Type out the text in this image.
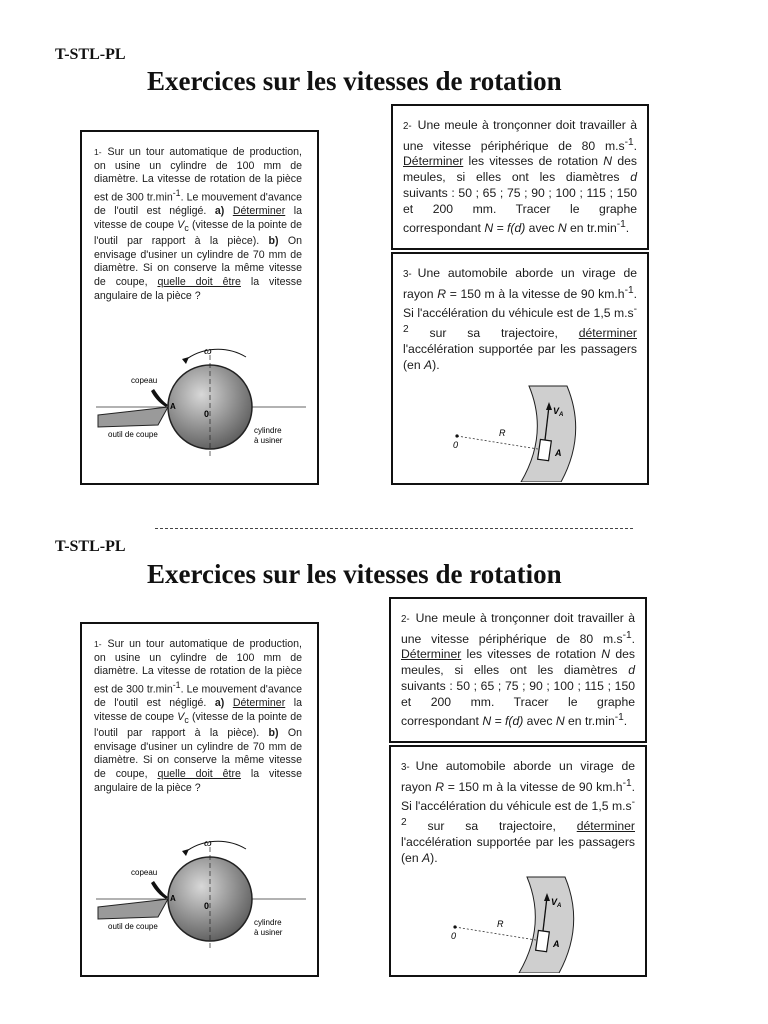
T-STL-PL
Exercices sur les vitesses de rotation
1- Sur un tour automatique de production, on usine un cylindre de 100 mm de diamètre. La vitesse de rotation de la pièce est de 300 $tr.\min^{-1}$. Le mouvement d'avance de l'outil est négligé. a) Déterminer la vitesse de coupe $V_c$ (vitesse de la pointe de l'outil par rapport à la pièce). b) On envisage d'usiner un cylindre de 70 mm de diamètre. Si on conserve la même vitesse de coupe, quelle doit être la vitesse angulaire de la pièce ?
ω
copeau
A
0
outil de coupe	cylindre
à usiner
2- Une meule à tronçonner doit travailler à une vitesse périphérique de 80 $m.s^{-1}$. Déterminer les vitesses de rotation N des meules, si elles ont les diamètres d suivants : 50 ; 65 ; 75 ; 90 ; 100 ; 115 ; 150 et 200 mm. Tracer le graphe correspondant N = f(d) avec N en $tr.\min^{-1}$.
3- Une automobile aborde un virage de rayon R = 150 m à la vitesse de 90 $km.h^{-1}$. Si l'accélération du véhicule est de 1,5 $m.s^{-2}$ sur sa trajectoire, déterminer l'accélération supportée par les passagers (en A).
0
R
$V_A$
A
T-STL-PL
Exercices sur les vitesses de rotation
1- Sur un tour automatique de production, on usine un cylindre de 100 mm de diamètre. La vitesse de rotation de la pièce est de 300 $tr.\min^{-1}$. Le mouvement d'avance de l'outil est négligé. a) Déterminer la vitesse de coupe $V_c$ (vitesse de la pointe de l'outil par rapport à la pièce). b) On envisage d'usiner un cylindre de 70 mm de diamètre. Si on conserve la même vitesse de coupe, quelle doit être la vitesse angulaire de la pièce ?
ω
copeau
A
0
outil de coupe	cylindre
à usiner
2- Une meule à tronçonner doit travailler à une vitesse périphérique de 80 $m.s^{-1}$. Déterminer les vitesses de rotation N des meules, si elles ont les diamètres d suivants : 50 ; 65 ; 75 ; 90 ; 100 ; 115 ; 150 et 200 mm. Tracer le graphe correspondant N = f(d) avec N en $tr.\min^{-1}$.
3- Une automobile aborde un virage de rayon R = 150 m à la vitesse de 90 $km.h^{-1}$. Si l'accélération du véhicule est de 1,5 $m.s^{-2}$ sur sa trajectoire, déterminer l'accélération supportée par les passagers (en A).
0
R
$V_A$
A
